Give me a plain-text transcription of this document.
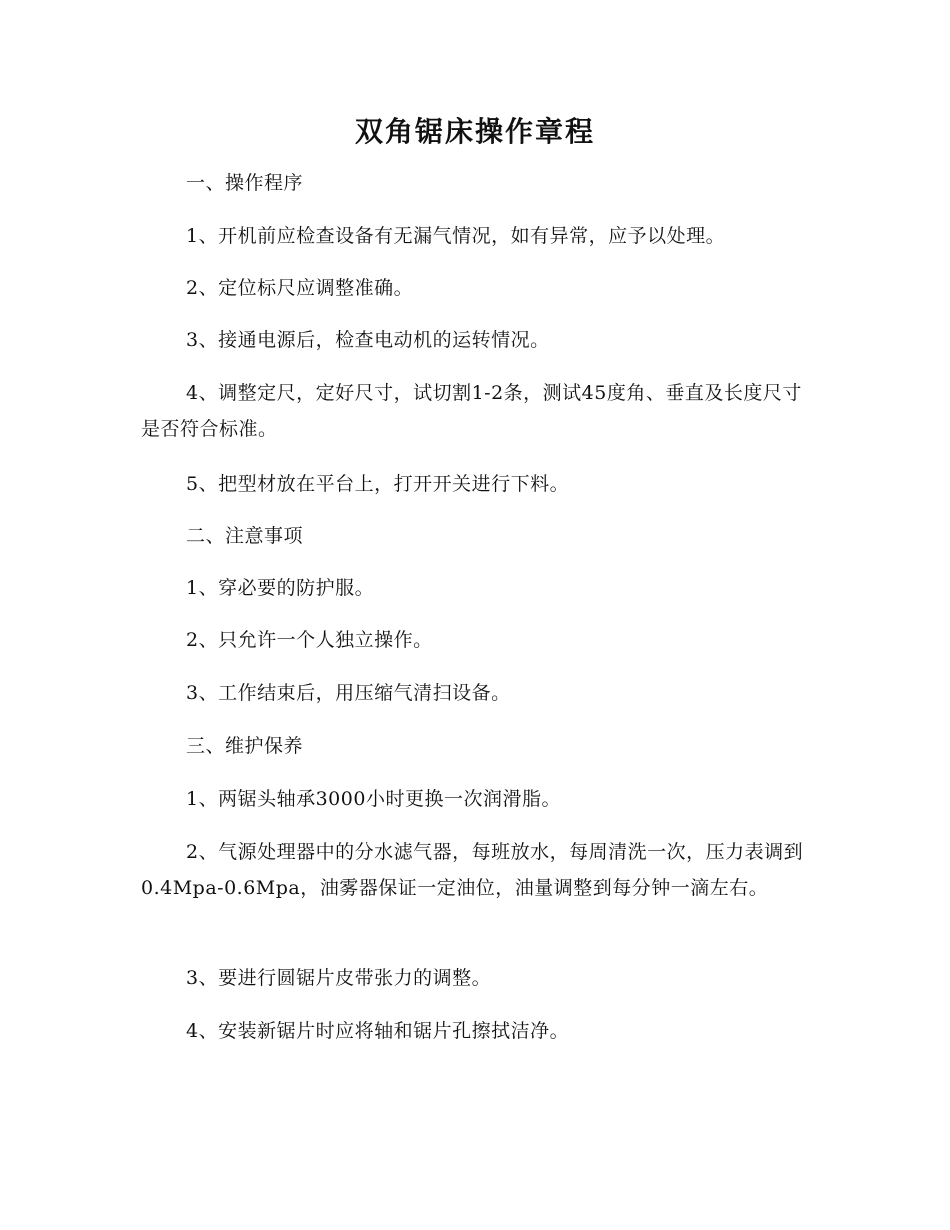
双角锯床操作章程

一、操作程序

1、开机前应检查设备有无漏气情况，如有异常，应予以处理。

2、定位标尺应调整准确。

3、接通电源后，检查电动机的运转情况。

4、调整定尺，定好尺寸，试切割1-2条，测试45度角、垂直及长度尺寸是否符合标准。

5、把型材放在平台上，打开开关进行下料。

二、注意事项

1、穿必要的防护服。

2、只允许一个人独立操作。

3、工作结束后，用压缩气清扫设备。

三、维护保养

1、两锯头轴承3000小时更换一次润滑脂。

2、气源处理器中的分水滤气器，每班放水，每周清洗一次，压力表调到0.4Mpa-0.6Mpa，油雾器保证一定油位，油量调整到每分钟一滴左右。

3、要进行圆锯片皮带张力的调整。

4、安装新锯片时应将轴和锯片孔擦拭洁净。
